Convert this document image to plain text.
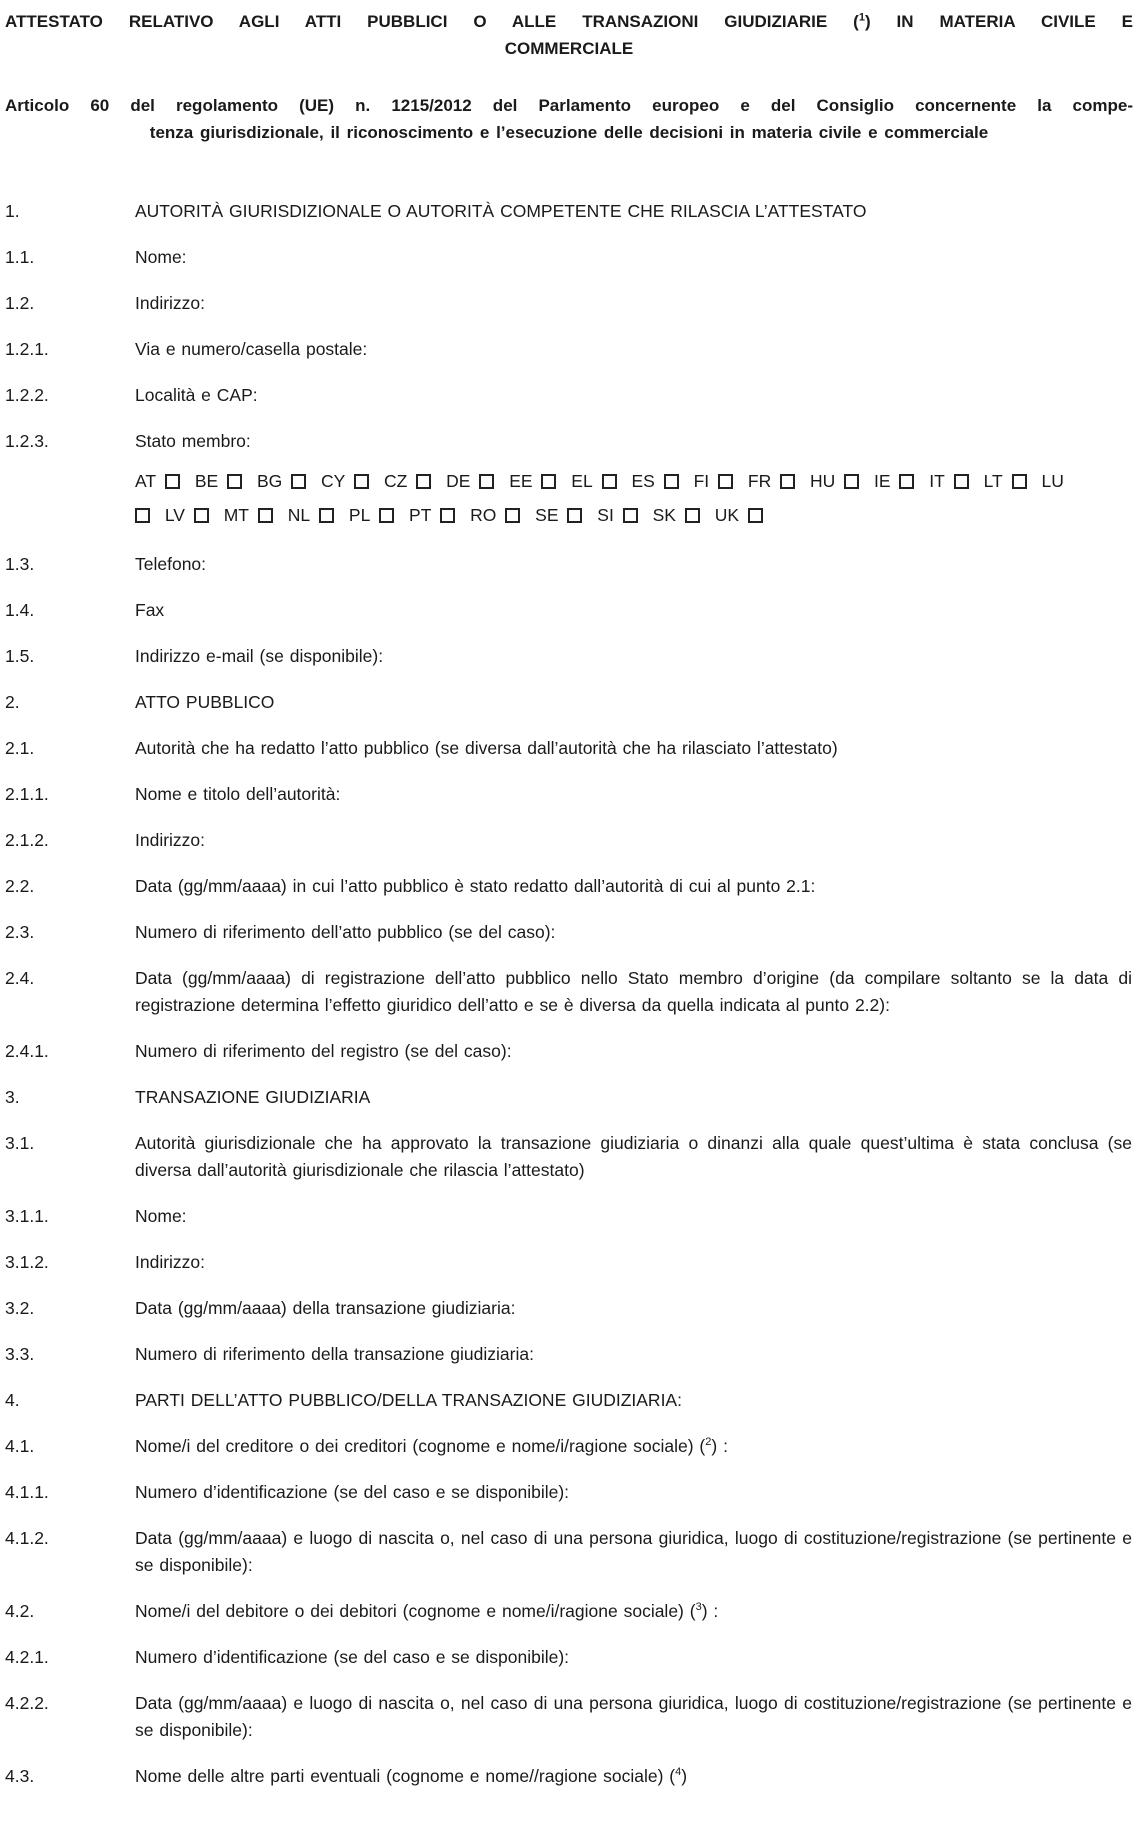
ATTESTATO RELATIVO AGLI ATTI PUBBLICI O ALLE TRANSAZIONI GIUDIZIARIE ($^1$) IN MATERIA CIVILE E
COMMERCIALE
Articolo 60 del regolamento (UE) n. 1215/2012 del Parlamento europeo e del Consiglio concernente la compe-
tenza giurisdizionale, il riconoscimento e l’esecuzione delle decisioni in materia civile e commerciale
1.	AUTORITÀ GIURISDIZIONALE O AUTORITÀ COMPETENTE CHE RILASCIA L’ATTESTATO
1.1.	Nome:
1.2.	Indirizzo:
1.2.1.	Via e numero/casella postale:
1.2.2.	Località e CAP:
1.2.3.	Stato membro:
AT BE BG CY CZ DE EE EL ES FI FR HU IE IT LT LU
LV MT NL PL PT RO SE SI SK UK
1.3.	Telefono:
1.4.	Fax
1.5.	Indirizzo e-mail (se disponibile):
2.	ATTO PUBBLICO
2.1.	Autorità che ha redatto l’atto pubblico (se diversa dall’autorità che ha rilasciato l’attestato)
2.1.1.	Nome e titolo dell’autorità:
2.1.2.	Indirizzo:
2.2.	Data (gg/mm/aaaa) in cui l’atto pubblico è stato redatto dall’autorità di cui al punto 2.1:
2.3.	Numero di riferimento dell’atto pubblico (se del caso):
2.4.	Data (gg/mm/aaaa) di registrazione dell’atto pubblico nello Stato membro d’origine (da compilare soltanto se la data di registrazione determina l’effetto giuridico dell’atto e se è diversa da quella indicata al punto 2.2):
2.4.1.	Numero di riferimento del registro (se del caso):
3.	TRANSAZIONE GIUDIZIARIA
3.1.	Autorità giurisdizionale che ha approvato la transazione giudiziaria o dinanzi alla quale quest’ultima è stata conclusa (se diversa dall’autorità giurisdizionale che rilascia l’attestato)
3.1.1.	Nome:
3.1.2.	Indirizzo:
3.2.	Data (gg/mm/aaaa) della transazione giudiziaria:
3.3.	Numero di riferimento della transazione giudiziaria:
4.	PARTI DELL’ATTO PUBBLICO/DELLA TRANSAZIONE GIUDIZIARIA:
4.1.	Nome/i del creditore o dei creditori (cognome e nome/i/ragione sociale) ($^2$) :
4.1.1.	Numero d’identificazione (se del caso e se disponibile):
4.1.2.	Data (gg/mm/aaaa) e luogo di nascita o, nel caso di una persona giuridica, luogo di costituzione/registrazione (se pertinente e se disponibile):
4.2.	Nome/i del debitore o dei debitori (cognome e nome/i/ragione sociale) ($^3$) :
4.2.1.	Numero d’identificazione (se del caso e se disponibile):
4.2.2.	Data (gg/mm/aaaa) e luogo di nascita o, nel caso di una persona giuridica, luogo di costituzione/registrazione (se pertinente e se disponibile):
4.3.	Nome delle altre parti eventuali (cognome e nome//ragione sociale) ($^4$)
